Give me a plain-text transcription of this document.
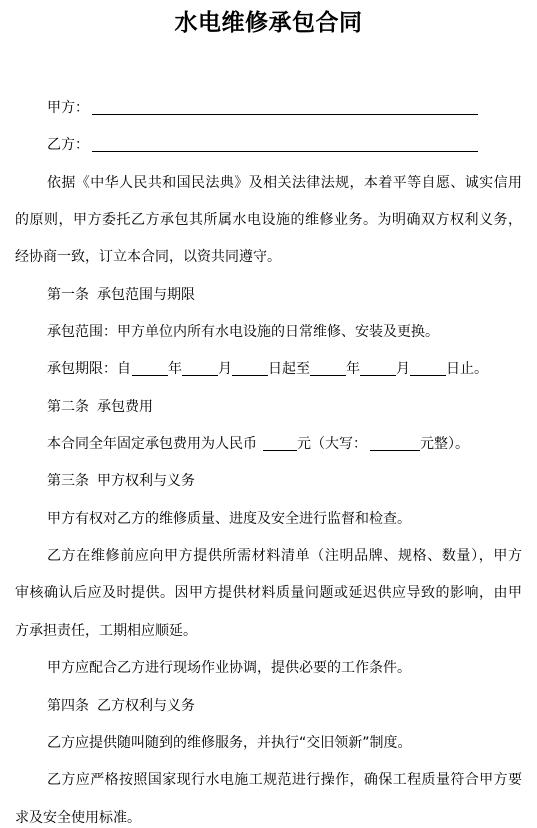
水电维修承包合同
甲方：
乙方：
依据《中华人民共和国民法典》及相关法律法规，本着平等自愿、诚实信用
的原则，甲方委托乙方承包其所属水电设施的维修业务。为明确双方权利义务，
经协商一致，订立本合同，以资共同遵守。
第一条 承包范围与期限
承包范围：甲方单位内所有水电设施的日常维修、安装及更换。
承包期限：自	年	月	日起至	年	月	日止。
第二条 承包费用
本合同全年固定承包费用为人民币	元（大写：	元整）。
第三条 甲方权利与义务
甲方有权对乙方的维修质量、进度及安全进行监督和检查。
乙方在维修前应向甲方提供所需材料清单（注明品牌、规格、数量），甲方
审核确认后应及时提供。因甲方提供材料质量问题或延迟供应导致的影响，由甲
方承担责任，工期相应顺延。
甲方应配合乙方进行现场作业协调，提供必要的工作条件。
第四条 乙方权利与义务
乙方应提供随叫随到的维修服务，并执行“交旧领新”制度。
乙方应严格按照国家现行水电施工规范进行操作，确保工程质量符合甲方要
求及安全使用标准。
